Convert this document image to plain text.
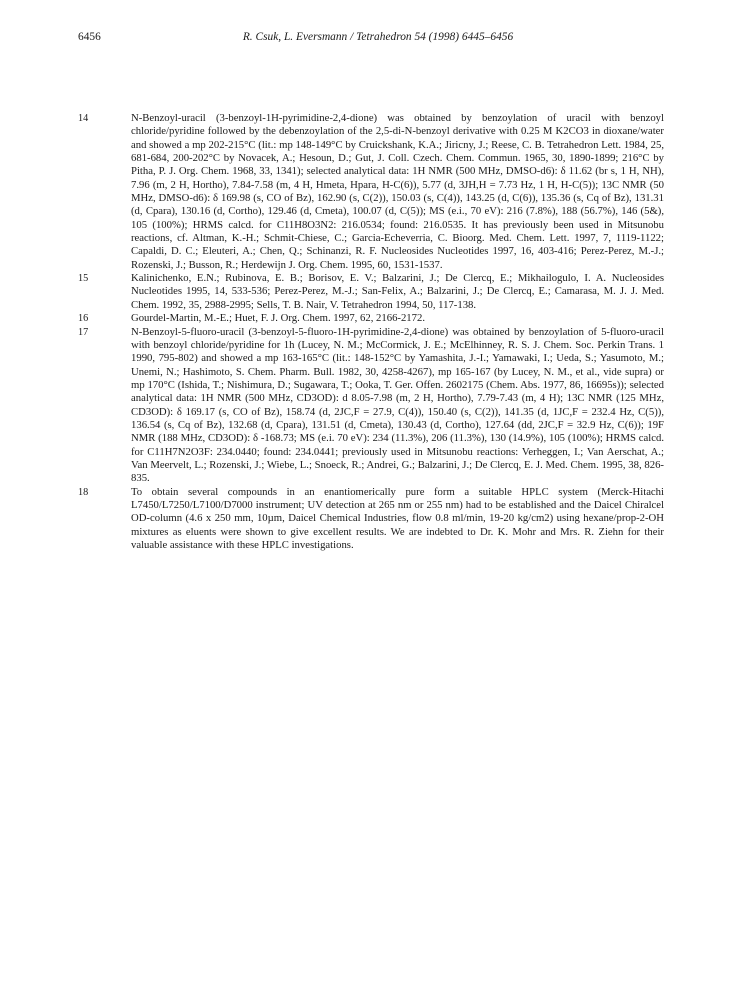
6456	R. Csuk, L. Eversmann / Tetrahedron 54 (1998) 6445–6456
14	N-Benzoyl-uracil (3-benzoyl-1H-pyrimidine-2,4-dione) was obtained by benzoylation of uracil with benzoyl chloride/pyridine followed by the debenzoylation of the 2,5-di-N-benzoyl derivative with 0.25 M K2CO3 in dioxane/water and showed a mp 202-215°C (lit.: mp 148-149°C by Cruickshank, K.A.; Jiricny, J.; Reese, C. B. Tetrahedron Lett. 1984, 25, 681-684, 200-202°C by Novacek, A.; Hesoun, D.; Gut, J. Coll. Czech. Chem. Commun. 1965, 30, 1890-1899; 216°C by Pitha, P. J. Org. Chem. 1968, 33, 1341); selected analytical data: 1H NMR (500 MHz, DMSO-d6): δ 11.62 (br s, 1 H, NH), 7.96 (m, 2 H, Hortho), 7.84-7.58 (m, 4 H, Hmeta, Hpara, H-C(6)), 5.77 (d, 3JH,H = 7.73 Hz, 1 H, H-C(5)); 13C NMR (50 MHz, DMSO-d6): δ 169.98 (s, CO of Bz), 162.90 (s, C(2)), 150.03 (s, C(4)), 143.25 (d, C(6)), 135.36 (s, Cq of Bz), 131.31 (d, Cpara), 130.16 (d, Cortho), 129.46 (d, Cmeta), 100.07 (d, C(5)); MS (e.i., 70 eV): 216 (7.8%), 188 (56.7%), 146 (5&), 105 (100%); HRMS calcd. for C11H8O3N2: 216.0534; found: 216.0535. It has previously been used in Mitsunobu reactions, cf. Altman, K.-H.; Schmit-Chiese, C.; Garcia-Echeverria, C. Bioorg. Med. Chem. Lett. 1997, 7, 1119-1122; Capaldi, D. C.; Eleuteri, A.; Chen, Q.; Schinanzi, R. F. Nucleosides Nucleotides 1997, 16, 403-416; Perez-Perez, M.-J.; Rozenski, J.; Busson, R.; Herdewijn J. Org. Chem. 1995, 60, 1531-1537.
15	Kalinichenko, E.N.; Rubinova, E. B.; Borisov, E. V.; Balzarini, J.; De Clercq, E.; Mikhailogulo, I. A. Nucleosides Nucleotides 1995, 14, 533-536; Perez-Perez, M.-J.; San-Felix, A.; Balzarini, J.; De Clercq, E.; Camarasa, M. J. J. Med. Chem. 1992, 35, 2988-2995; Sells, T. B. Nair, V. Tetrahedron 1994, 50, 117-138.
16	Gourdel-Martin, M.-E.; Huet, F. J. Org. Chem. 1997, 62, 2166-2172.
17	N-Benzoyl-5-fluoro-uracil (3-benzoyl-5-fluoro-1H-pyrimidine-2,4-dione) was obtained by benzoylation of 5-fluoro-uracil with benzoyl chloride/pyridine for 1h (Lucey, N. M.; McCormick, J. E.; McElhinney, R. S. J. Chem. Soc. Perkin Trans. 1 1990, 795-802) and showed a mp 163-165°C (lit.: 148-152°C by Yamashita, J.-I.; Yamawaki, I.; Ueda, S.; Yasumoto, M.; Unemi, N.; Hashimoto, S. Chem. Pharm. Bull. 1982, 30, 4258-4267), mp 165-167 (by Lucey, N. M., et al., vide supra) or mp 170°C (Ishida, T.; Nishimura, D.; Sugawara, T.; Ooka, T. Ger. Offen. 2602175 (Chem. Abs. 1977, 86, 16695s)); selected analytical data: 1H NMR (500 MHz, CD3OD): d 8.05-7.98 (m, 2 H, Hortho), 7.79-7.43 (m, 4 H); 13C NMR (125 MHz, CD3OD): δ 169.17 (s, CO of Bz), 158.74 (d, 2JC,F = 27.9, C(4)), 150.40 (s, C(2)), 141.35 (d, 1JC,F = 232.4 Hz, C(5)), 136.54 (s, Cq of Bz), 132.68 (d, Cpara), 131.51 (d, Cmeta), 130.43 (d, Cortho), 127.64 (dd, 2JC,F = 32.9 Hz, C(6)); 19F NMR (188 MHz, CD3OD): δ -168.73; MS (e.i. 70 eV): 234 (11.3%), 206 (11.3%), 130 (14.9%), 105 (100%); HRMS calcd. for C11H7N2O3F: 234.0440; found: 234.0441; previously used in Mitsunobu reactions: Verheggen, I.; Van Aerschat, A.; Van Meervelt, L.; Rozenski, J.; Wiebe, L.; Snoeck, R.; Andrei, G.; Balzarini, J.; De Clercq, E. J. Med. Chem. 1995, 38, 826-835.
18	To obtain several compounds in an enantiomerically pure form a suitable HPLC system (Merck-Hitachi L7450/L7250/L7100/D7000 instrument; UV detection at 265 nm or 255 nm) had to be established and the Daicel Chiralcel OD-column (4.6 x 250 mm, 10µm, Daicel Chemical Industries, flow 0.8 ml/min, 19-20 kg/cm2) using hexane/prop-2-OH mixtures as eluents were shown to give excellent results. We are indebted to Dr. K. Mohr and Mrs. R. Ziehn for their valuable assistance with these HPLC investigations.
